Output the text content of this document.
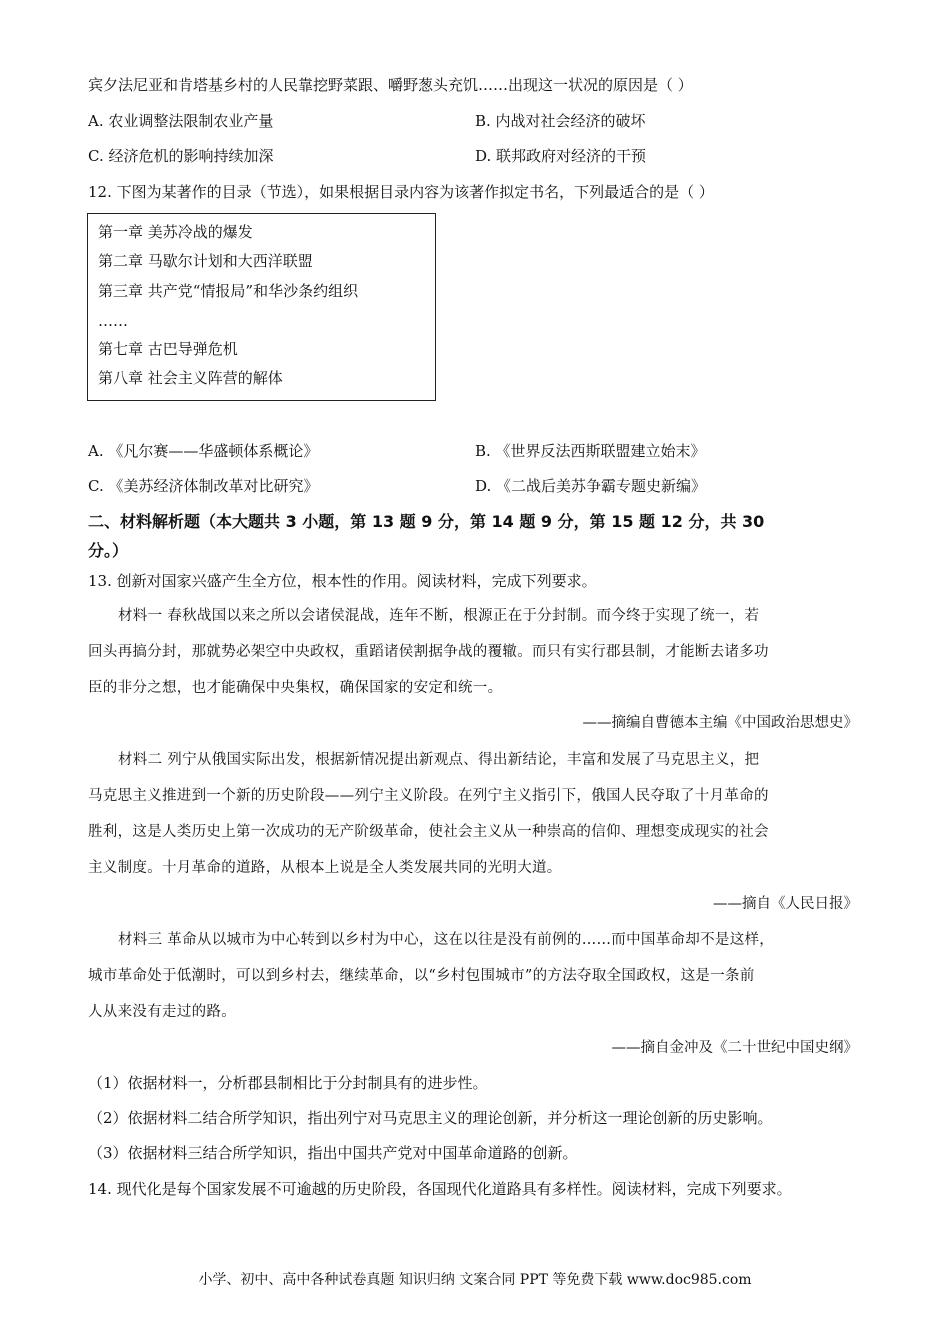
宾夕法尼亚和肯塔基乡村的人民靠挖野菜跟、嚼野葱头充饥……出现这一状况的原因是（ ）
A. 农业调整法限制农业产量	B. 内战对社会经济的破坏
C. 经济危机的影响持续加深	D. 联邦政府对经济的干预
12. 下图为某著作的目录（节选），如果根据目录内容为该著作拟定书名，下列最适合的是（ ）
第一章 美苏冷战的爆发
第二章 马歇尔计划和大西洋联盟
第三章 共产党“情报局”和华沙条约组织
……
第七章 古巴导弹危机
第八章 社会主义阵营的解体
A. 《凡尔赛——华盛顿体系概论》	B. 《世界反法西斯联盟建立始末》
C. 《美苏经济体制改革对比研究》	D. 《二战后美苏争霸专题史新编》
二、材料解析题（本大题共 3 小题，第 13 题 9 分，第 14 题 9 分，第 15 题 12 分，共 30
分。）
13. 创新对国家兴盛产生全方位，根本性的作用。阅读材料，完成下列要求。
材料一 春秋战国以来之所以会诸侯混战，连年不断，根源正在于分封制。而今终于实现了统一，若
回头再搞分封，那就势必架空中央政权，重蹈诸侯割据争战的覆辙。而只有实行郡县制，才能断去诸多功
臣的非分之想，也才能确保中央集权，确保国家的安定和统一。
——摘编自曹德本主编《中国政治思想史》
材料二 列宁从俄国实际出发，根据新情况提出新观点、得出新结论，丰富和发展了马克思主义，把
马克思主义推进到一个新的历史阶段——列宁主义阶段。在列宁主义指引下，俄国人民夺取了十月革命的
胜利，这是人类历史上第一次成功的无产阶级革命，使社会主义从一种崇高的信仰、理想变成现实的社会
主义制度。十月革命的道路，从根本上说是全人类发展共同的光明大道。
——摘自《人民日报》
材料三 革命从以城市为中心转到以乡村为中心，这在以往是没有前例的……而中国革命却不是这样，
城市革命处于低潮时，可以到乡村去，继续革命，以“乡村包围城市”的方法夺取全国政权，这是一条前
人从来没有走过的路。
——摘自金冲及《二十世纪中国史纲》
（1）依据材料一，分析郡县制相比于分封制具有的进步性。
（2）依据材料二结合所学知识，指出列宁对马克思主义的理论创新，并分析这一理论创新的历史影响。
（3）依据材料三结合所学知识，指出中国共产党对中国革命道路的创新。
14. 现代化是每个国家发展不可逾越的历史阶段，各国现代化道路具有多样性。阅读材料，完成下列要求。
小学、初中、高中各种试卷真题 知识归纳 文案合同 PPT 等免费下载 www.doc985.com
